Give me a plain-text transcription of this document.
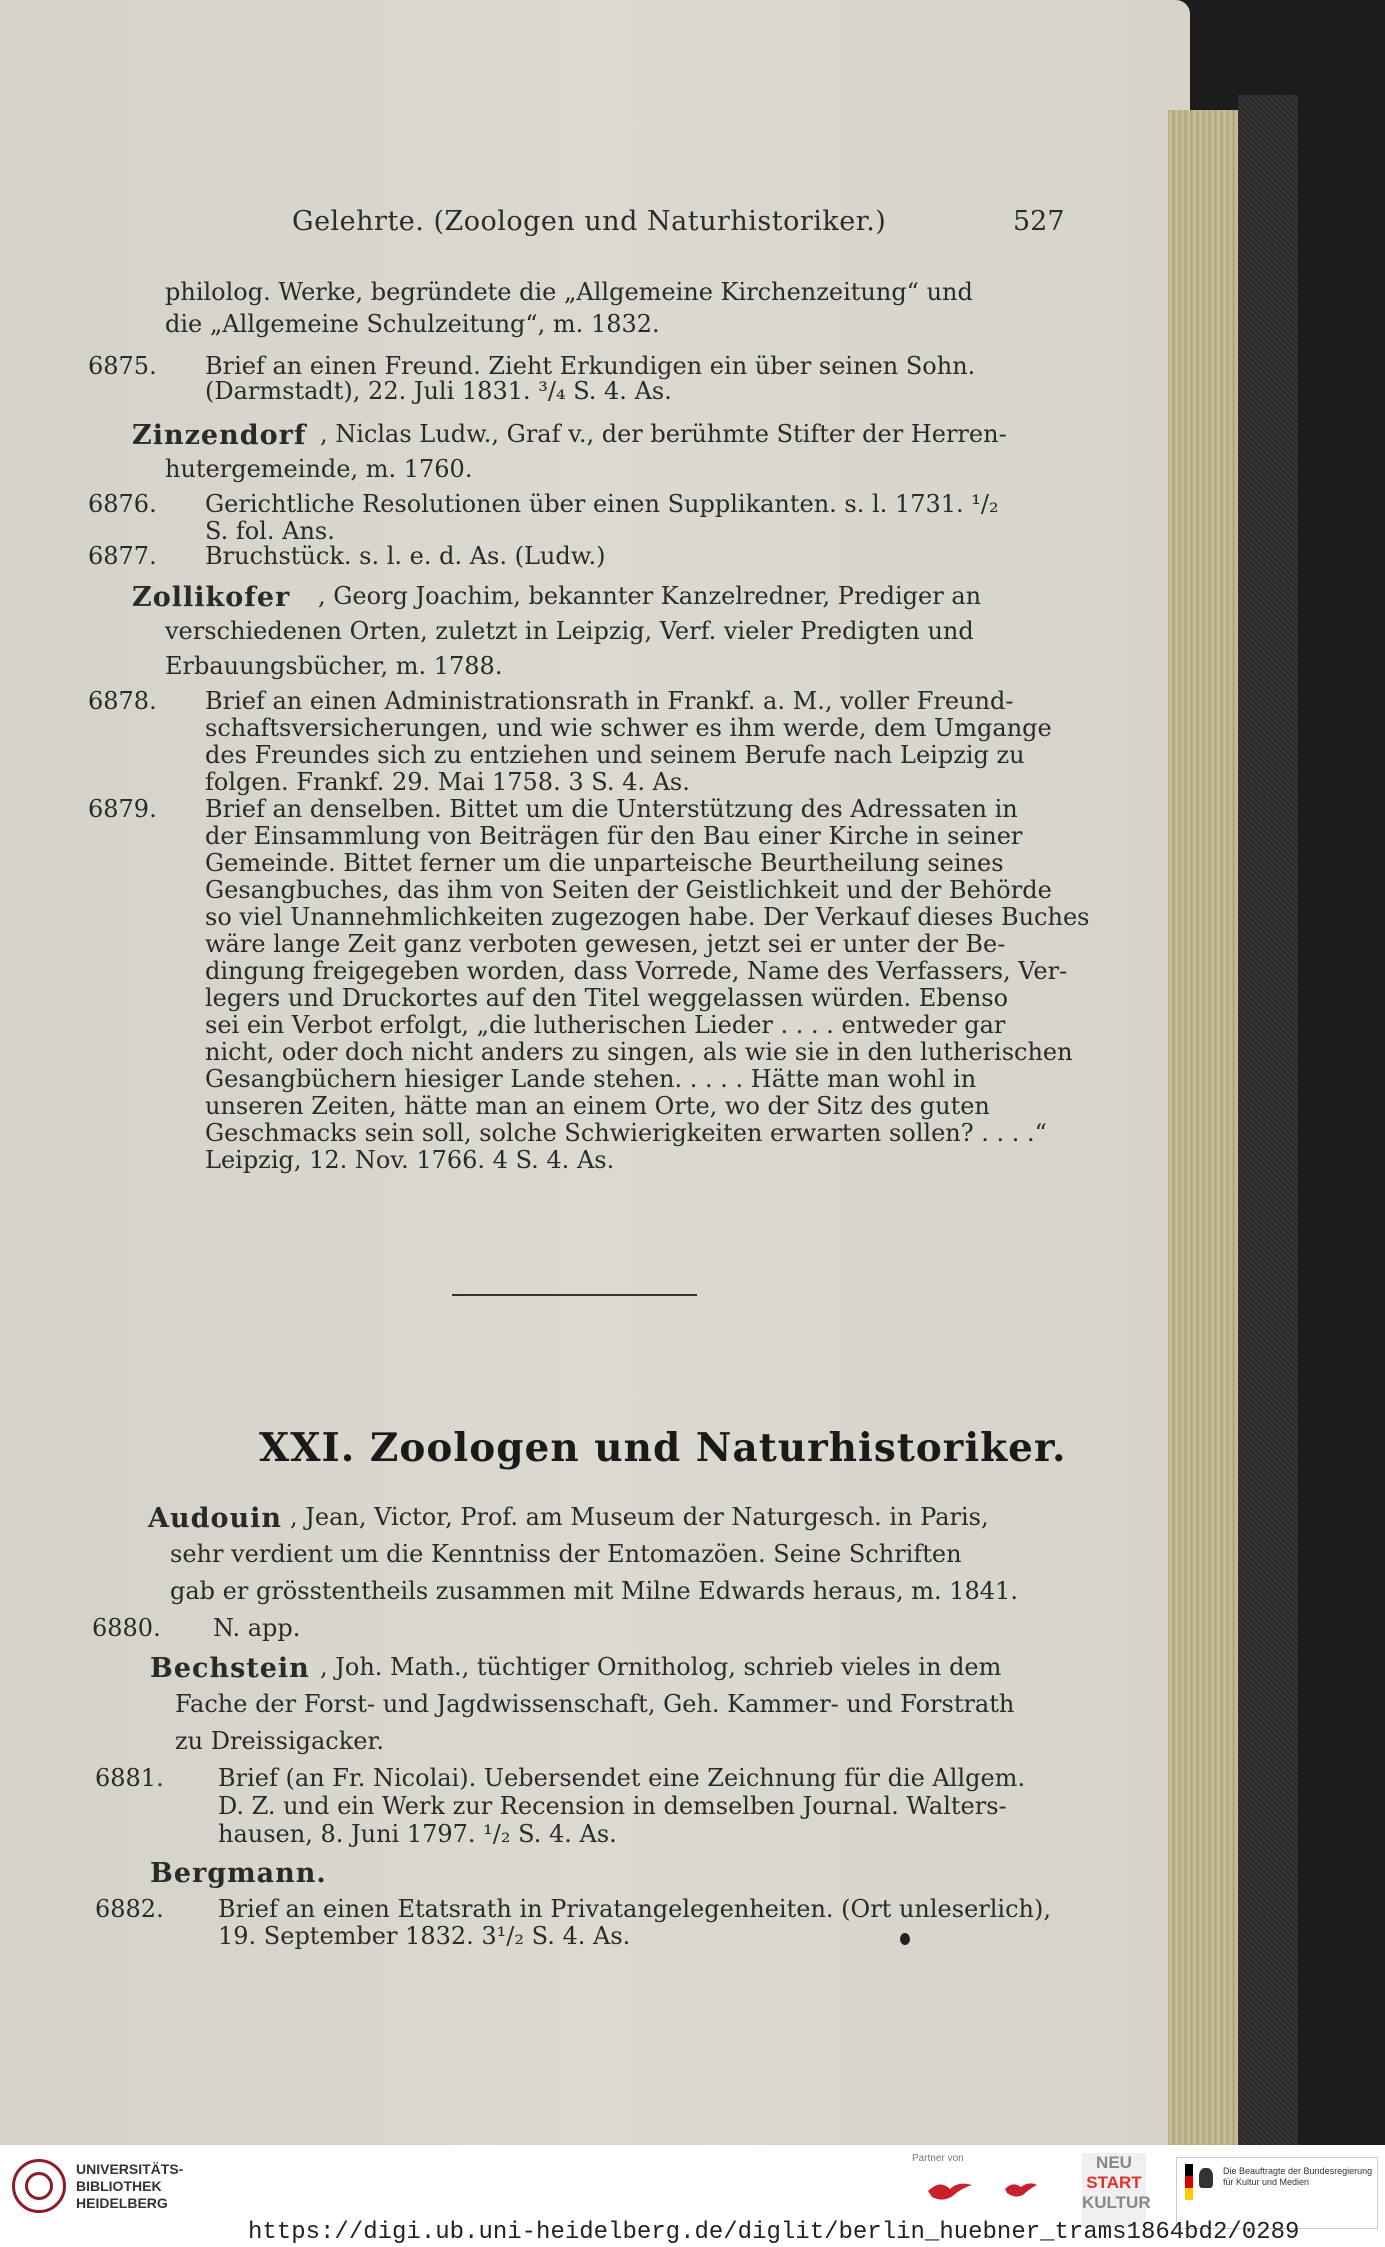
Gelehrte. (Zoologen und Naturhistoriker.)	527
philolog. Werke, begründete die „Allgemeine Kirchenzeitung“ und
die „Allgemeine Schulzeitung“, m. 1832.
Brief an einen Freund. Zieht Erkundigen ein über seinen Sohn.
(Darmstadt), 22. Juli 1831. ³/₄ S. 4. As.
, Niclas Ludw., Graf v., der berühmte Stifter der Herren-
hutergemeinde, m. 1760.
Gerichtliche Resolutionen über einen Supplikanten. s. l. 1731. ¹/₂
S. fol. Ans.
Bruchstück. s. l. e. d. As. (Ludw.)
, Georg Joachim, bekannter Kanzelredner, Prediger an
verschiedenen Orten, zuletzt in Leipzig, Verf. vieler Predigten und
Erbauungsbücher, m. 1788.
Brief an einen Administrationsrath in Frankf. a. M., voller Freund-
schaftsversicherungen, und wie schwer es ihm werde, dem Umgange
des Freundes sich zu entziehen und seinem Berufe nach Leipzig zu
folgen. Frankf. 29. Mai 1758. 3 S. 4. As.
Brief an denselben. Bittet um die Unterstützung des Adressaten in
der Einsammlung von Beiträgen für den Bau einer Kirche in seiner
Gemeinde. Bittet ferner um die unparteische Beurtheilung seines
Gesangbuches, das ihm von Seiten der Geistlichkeit und der Behörde
so viel Unannehmlichkeiten zugezogen habe. Der Verkauf dieses Buches
wäre lange Zeit ganz verboten gewesen, jetzt sei er unter der Be-
dingung freigegeben worden, dass Vorrede, Name des Verfassers, Ver-
legers und Druckortes auf den Titel weggelassen würden. Ebenso
sei ein Verbot erfolgt, „die lutherischen Lieder . . . . entweder gar
nicht, oder doch nicht anders zu singen, als wie sie in den lutherischen
Gesangbüchern hiesiger Lande stehen. . . . . Hätte man wohl in
unseren Zeiten, hätte man an einem Orte, wo der Sitz des guten
Geschmacks sein soll, solche Schwierigkeiten erwarten sollen? . . . .“
Leipzig, 12. Nov. 1766. 4 S. 4. As.
, Jean, Victor, Prof. am Museum der Naturgesch. in Paris,
sehr verdient um die Kenntniss der Entomazöen. Seine Schriften
gab er grösstentheils zusammen mit Milne Edwards heraus, m. 1841.
N. app.
, Joh. Math., tüchtiger Ornitholog, schrieb vieles in dem
Fache der Forst- und Jagdwissenschaft, Geh. Kammer- und Forstrath
zu Dreissigacker.
Brief (an Fr. Nicolai). Uebersendet eine Zeichnung für die Allgem.
D. Z. und ein Werk zur Recension in demselben Journal. Walters-
hausen, 8. Juni 1797. ¹/₂ S. 4. As.
Brief an einen Etatsrath in Privatangelegenheiten. (Ort unleserlich),
19. September 1832. 3¹/₂ S. 4. As.
Zinzendorf
Zollikofer
Audouin
Bechstein
Bergmann.
6875.
6876.
6877.
6878.
6879.
6880.
6881.
6882.
XXI. Zoologen und Naturhistoriker.
UNIVERSITÄTS-
BIBLIOTHEK
HEIDELBERG
Partner von	NEU
START
KULTUR
Die Beauftragte der Bundesregierung für Kultur und Medien
https://digi.ub.uni-heidelberg.de/diglit/berlin_huebner_trams1864bd2/0289
